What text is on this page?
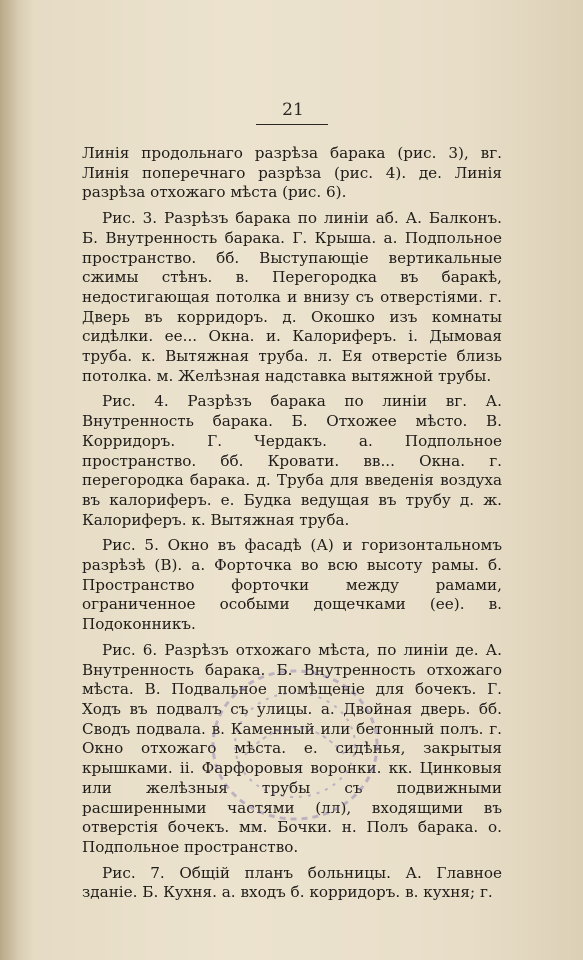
21

Линія продольнаго разрѣза барака (рис. 3), вг. Линія поперечнаго разрѣза (рис. 4). де. Линія разрѣза отхожаго мѣста (рис. 6).

Рис. 3. Разрѣзъ барака по линіи аб. А. Балконъ. Б. Внутренность барака. Г. Крыша. а. Подпольное пространство. бб. Выступающіе вертикальные сжимы стѣнъ. в. Перегородка въ баракѣ, недостигающая потолка и внизу съ отверстіями. г. Дверь въ корридоръ. д. Окошко изъ комнаты сидѣлки. ее... Окна. и. Калориферъ. і. Дымовая труба. к. Вытяжная труба. л. Ея отверстіе близь потолка. м. Желѣзная надставка вытяжной трубы.

Рис. 4. Разрѣзъ барака по линіи вг. А. Внутренность барака. Б. Отхожее мѣсто. В. Корридоръ. Г. Чердакъ. а. Подпольное пространство. бб. Кровати. вв... Окна. г. перегородка барака. д. Труба для введенія воздуха въ калориферъ. е. Будка ведущая въ трубу д. ж. Калориферъ. к. Вытяжная труба.

Рис. 5. Окно въ фасадѣ (А) и горизонтальномъ разрѣзѣ (В). а. Форточка во всю высоту рамы. б. Пространство форточки между рамами, ограниченное особыми дощечками (ее). в. Подоконникъ.

Рис. 6. Разрѣзъ отхожаго мѣста, по линіи де. А. Внутренность барака. Б. Внутренность отхожаго мѣста. В. Подвальное помѣщеніе для бочекъ. Г. Ходъ въ подвалъ съ улицы. а. Двойная дверь. бб. Сводъ подвала. в. Каменный или бетонный полъ. г. Окно отхожаго мѣста. е. сидѣнья, закрытыя крышками. іі. Фарфоровыя воронки. кк. Цинковыя или желѣзныя трубы съ подвижными расширенными частями (лл), входящими въ отверстія бочекъ. мм. Бочки. н. Полъ барака. о. Подпольное пространство.

Рис. 7. Общій планъ больницы. А. Главное зданіе. Б. Кухня. а. входъ б. корридоръ. в. кухня; г.
